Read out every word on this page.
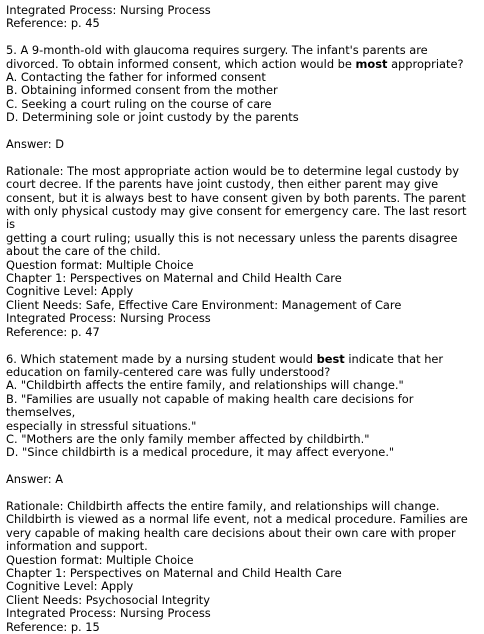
Integrated Process: Nursing Process
Reference: p. 45
5. A 9-month-old with glaucoma requires surgery. The infant's parents are
divorced. To obtain informed consent, which action would be most appropriate?
A. Contacting the father for informed consent
B. Obtaining informed consent from the mother
C. Seeking a court ruling on the course of care
D. Determining sole or joint custody by the parents
Answer: D
Rationale: The most appropriate action would be to determine legal custody by
court decree. If the parents have joint custody, then either parent may give
consent, but it is always best to have consent given by both parents. The parent
with only physical custody may give consent for emergency care. The last resort is
getting a court ruling; usually this is not necessary unless the parents disagree
about the care of the child.
Question format: Multiple Choice
Chapter 1: Perspectives on Maternal and Child Health Care
Cognitive Level: Apply
Client Needs: Safe, Effective Care Environment: Management of Care
Integrated Process: Nursing Process
Reference: p. 47
6. Which statement made by a nursing student would best indicate that her
education on family-centered care was fully understood?
A. "Childbirth affects the entire family, and relationships will change."
B. "Families are usually not capable of making health care decisions for themselves,
especially in stressful situations."
C. "Mothers are the only family member affected by childbirth."
D. "Since childbirth is a medical procedure, it may affect everyone."
Answer: A
Rationale: Childbirth affects the entire family, and relationships will change.
Childbirth is viewed as a normal life event, not a medical procedure. Families are
very capable of making health care decisions about their own care with proper
information and support.
Question format: Multiple Choice
Chapter 1: Perspectives on Maternal and Child Health Care
Cognitive Level: Apply
Client Needs: Psychosocial Integrity
Integrated Process: Nursing Process
Reference: p. 15
